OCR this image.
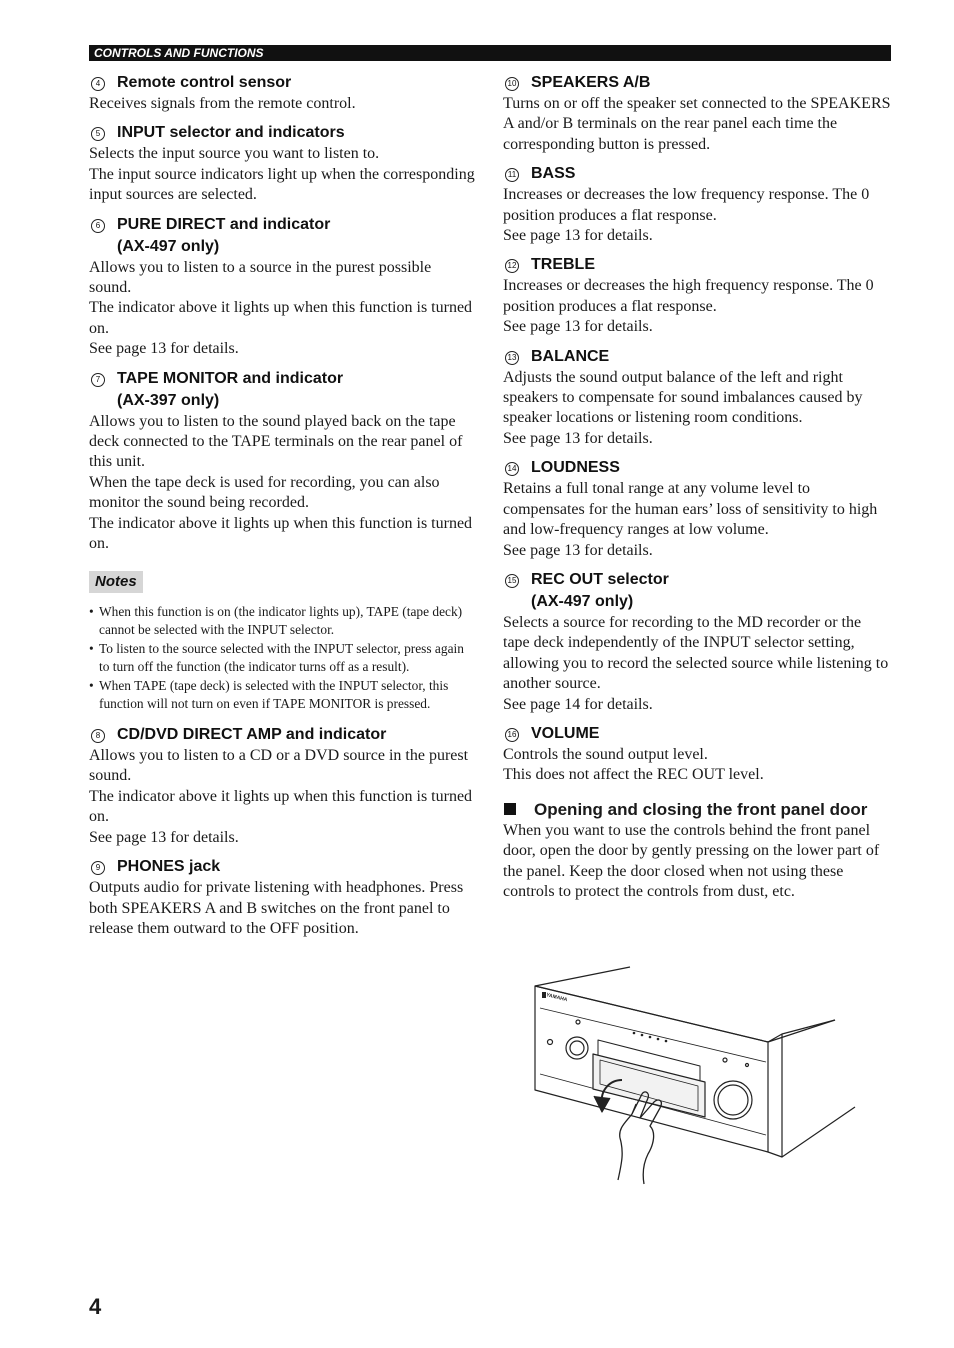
CONTROLS AND FUNCTIONS
4 Remote control sensor

Receives signals from the remote control.

5 INPUT selector and indicators

Selects the input source you want to listen to.

The input source indicators light up when the corresponding input sources are selected.

6 PURE DIRECT and indicator
(AX-497 only)

Allows you to listen to a source in the purest possible sound.

The indicator above it lights up when this function is turned on.

See page 13 for details.

7 TAPE MONITOR and indicator
(AX-397 only)

Allows you to listen to the sound played back on the tape deck connected to the TAPE terminals on the rear panel of this unit.

When the tape deck is used for recording, you can also monitor the sound being recorded.

The indicator above it lights up when this function is turned on.

Notes
• When this function is on (the indicator lights up), TAPE (tape deck) cannot be selected with the INPUT selector.
• To listen to the source selected with the INPUT selector, press again to turn off the function (the indicator turns off as a result).
• When TAPE (tape deck) is selected with the INPUT selector, this function will not turn on even if TAPE MONITOR is pressed.
8 CD/DVD DIRECT AMP and indicator

Allows you to listen to a CD or a DVD source in the purest sound.

The indicator above it lights up when this function is turned on.

See page 13 for details.

9 PHONES jack

Outputs audio for private listening with headphones. Press both SPEAKERS A and B switches on the front panel to release them outward to the OFF position.

10 SPEAKERS A/B

Turns on or off the speaker set connected to the SPEAKERS A and/or B terminals on the rear panel each time the corresponding button is pressed.

11 BASS

Increases or decreases the low frequency response. The 0 position produces a flat response.

See page 13 for details.

12 TREBLE

Increases or decreases the high frequency response. The 0 position produces a flat response.

See page 13 for details.

13 BALANCE

Adjusts the sound output balance of the left and right speakers to compensate for sound imbalances caused by speaker locations or listening room conditions.

See page 13 for details.

14 LOUDNESS

Retains a full tonal range at any volume level to compensates for the human ears’ loss of sensitivity to high and low-frequency ranges at low volume.

See page 13 for details.

15 REC OUT selector
(AX-497 only)

Selects a source for recording to the MD recorder or the tape deck independently of the INPUT selector setting, allowing you to record the selected source while listening to another source.

See page 14 for details.

16 VOLUME

Controls the sound output level.

This does not affect the REC OUT level.

Opening and closing the front panel door

When you want to use the controls behind the front panel door, open the door by gently pressing on the lower part of the panel. Keep the door closed when not using these controls to protect the controls from dust, etc.

YAMAHA
4
